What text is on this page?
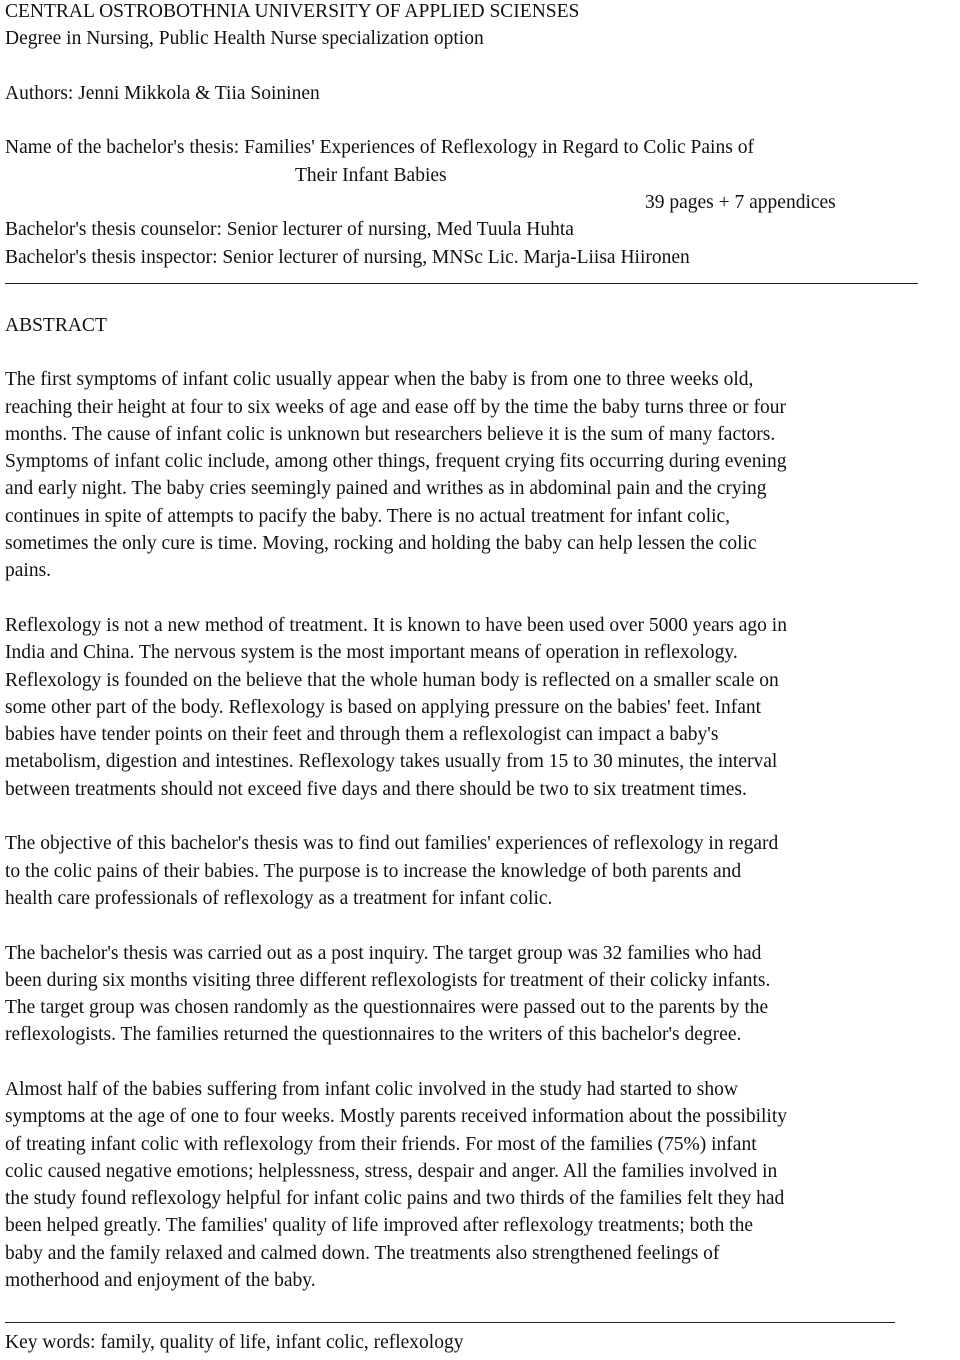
CENTRAL OSTROBOTHNIA UNIVERSITY OF APPLIED SCIENSES

Degree in Nursing, Public Health Nurse specialization option

Authors: Jenni Mikkola & Tiia Soininen

Name of the bachelor's thesis: Families' Experiences of Reflexology in Regard to Colic Pains of

Their Infant Babies

39 pages + 7 appendices

Bachelor's thesis counselor: Senior lecturer of nursing, Med Tuula Huhta

Bachelor's thesis inspector: Senior lecturer of nursing, MNSc Lic. Marja-Liisa Hiironen

ABSTRACT

The first symptoms of infant colic usually appear when the baby is from one to three weeks old,

reaching their height at four to six weeks of age and ease off by the time the baby turns three or four

months. The cause of infant colic is unknown but researchers believe it is the sum of many factors.

Symptoms of infant colic include, among other things, frequent crying fits occurring during evening

and early night. The baby cries seemingly pained and writhes as in abdominal pain and the crying

continues in spite of attempts to pacify the baby. There is no actual treatment for infant colic,

sometimes the only cure is time. Moving, rocking and holding the baby can help lessen the colic

pains.

Reflexology is not a new method of treatment. It is known to have been used over 5000 years ago in

India and China. The nervous system is the most important means of operation in reflexology.

Reflexology is founded on the believe that the whole human body is reflected on a smaller scale on

some other part of the body. Reflexology is based on applying pressure on the babies' feet. Infant

babies have tender points on their feet and through them a reflexologist can impact a baby's

metabolism, digestion and intestines. Reflexology takes usually from 15 to 30 minutes, the interval

between treatments should not exceed five days and there should be two to six treatment times.

The objective of this bachelor's thesis was to find out families' experiences of reflexology in regard

to the colic pains of their babies. The purpose is to increase the knowledge of both parents and

health care professionals of reflexology as a treatment for infant colic.

The bachelor's thesis was carried out as a post inquiry. The target group was 32 families who had

been during six months visiting three different reflexologists for treatment of their colicky infants.

The target group was chosen randomly as the questionnaires were passed out to the parents by the

reflexologists. The families returned the questionnaires to the writers of this bachelor's degree.

Almost half of the babies suffering from infant colic involved in the study had started to show

symptoms at the age of one to four weeks. Mostly parents received information about the possibility

of treating infant colic with reflexology from their friends. For most of the families (75%) infant

colic caused negative emotions; helplessness, stress, despair and anger. All the families involved in

the study found reflexology helpful for infant colic pains and two thirds of the families felt they had

been helped greatly. The families' quality of life improved after reflexology treatments; both the

baby and the family relaxed and calmed down. The treatments also strengthened feelings of

motherhood and enjoyment of the baby.

Key words: family, quality of life, infant colic, reflexology
